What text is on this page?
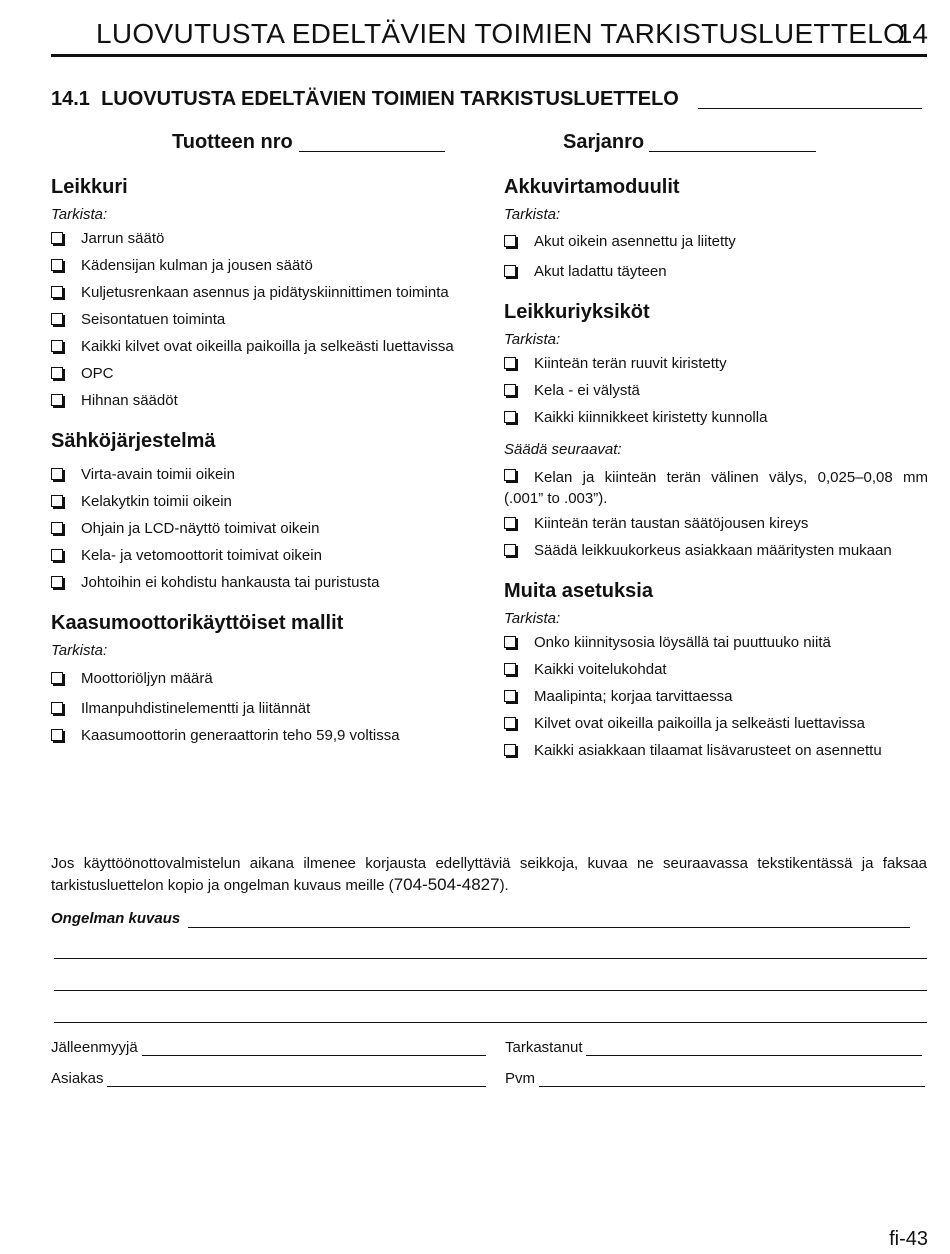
LUOVUTUSTA EDELTÄVIEN TOIMIEN TARKISTUSLUETTELO
14
14.1 LUOVUTUSTA EDELTÄVIEN TOIMIEN TARKISTUSLUETTELO
Tuotteen nro	Sarjanro
Leikkuri
Tarkista:
Jarrun säätö
Kädensijan kulman ja jousen säätö
Kuljetusrenkaan asennus ja pidätyskiinnittimen toiminta
Seisontatuen toiminta
Kaikki kilvet ovat oikeilla paikoilla ja selkeästi luettavissa
OPC
Hihnan säädöt
Sähköjärjestelmä
Virta-avain toimii oikein
Kelakytkin toimii oikein
Ohjain ja LCD-näyttö toimivat oikein
Kela- ja vetomoottorit toimivat oikein
Johtoihin ei kohdistu hankausta tai puristusta
Kaasumoottorikäyttöiset mallit
Tarkista:
Moottoriöljyn määrä
Ilmanpuhdistinelementti ja liitännät
Kaasumoottorin generaattorin teho 59,9 voltissa
Akkuvirtamoduulit
Tarkista:
Akut oikein asennettu ja liitetty
Akut ladattu täyteen
Leikkuriyksiköt
Tarkista:
Kiinteän terän ruuvit kiristetty
Kela - ei välystä
Kaikki kiinnikkeet kiristetty kunnolla
Säädä seuraavat:
Kelan ja kiinteän terän välinen välys, 0,025–0,08 mm (.001” to .003”).
Kiinteän terän taustan säätöjousen kireys
Säädä leikkuukorkeus asiakkaan määritysten mukaan
Muita asetuksia
Tarkista:
Onko kiinnitysosia löysällä tai puuttuuko niitä
Kaikki voitelukohdat
Maalipinta; korjaa tarvittaessa
Kilvet ovat oikeilla paikoilla ja selkeästi luettavissa
Kaikki asiakkaan tilaamat lisävarusteet on asennettu
Jos käyttöönottovalmistelun aikana ilmenee korjausta edellyttäviä seikkoja, kuvaa ne seuraavassa tekstikentässä ja faksaa tarkistusluettelon kopio ja ongelman kuvaus meille (704-504-4827).
Ongelman kuvaus
Jälleenmyyjä	Tarkastanut
Asiakas	Pvm
fi-43
